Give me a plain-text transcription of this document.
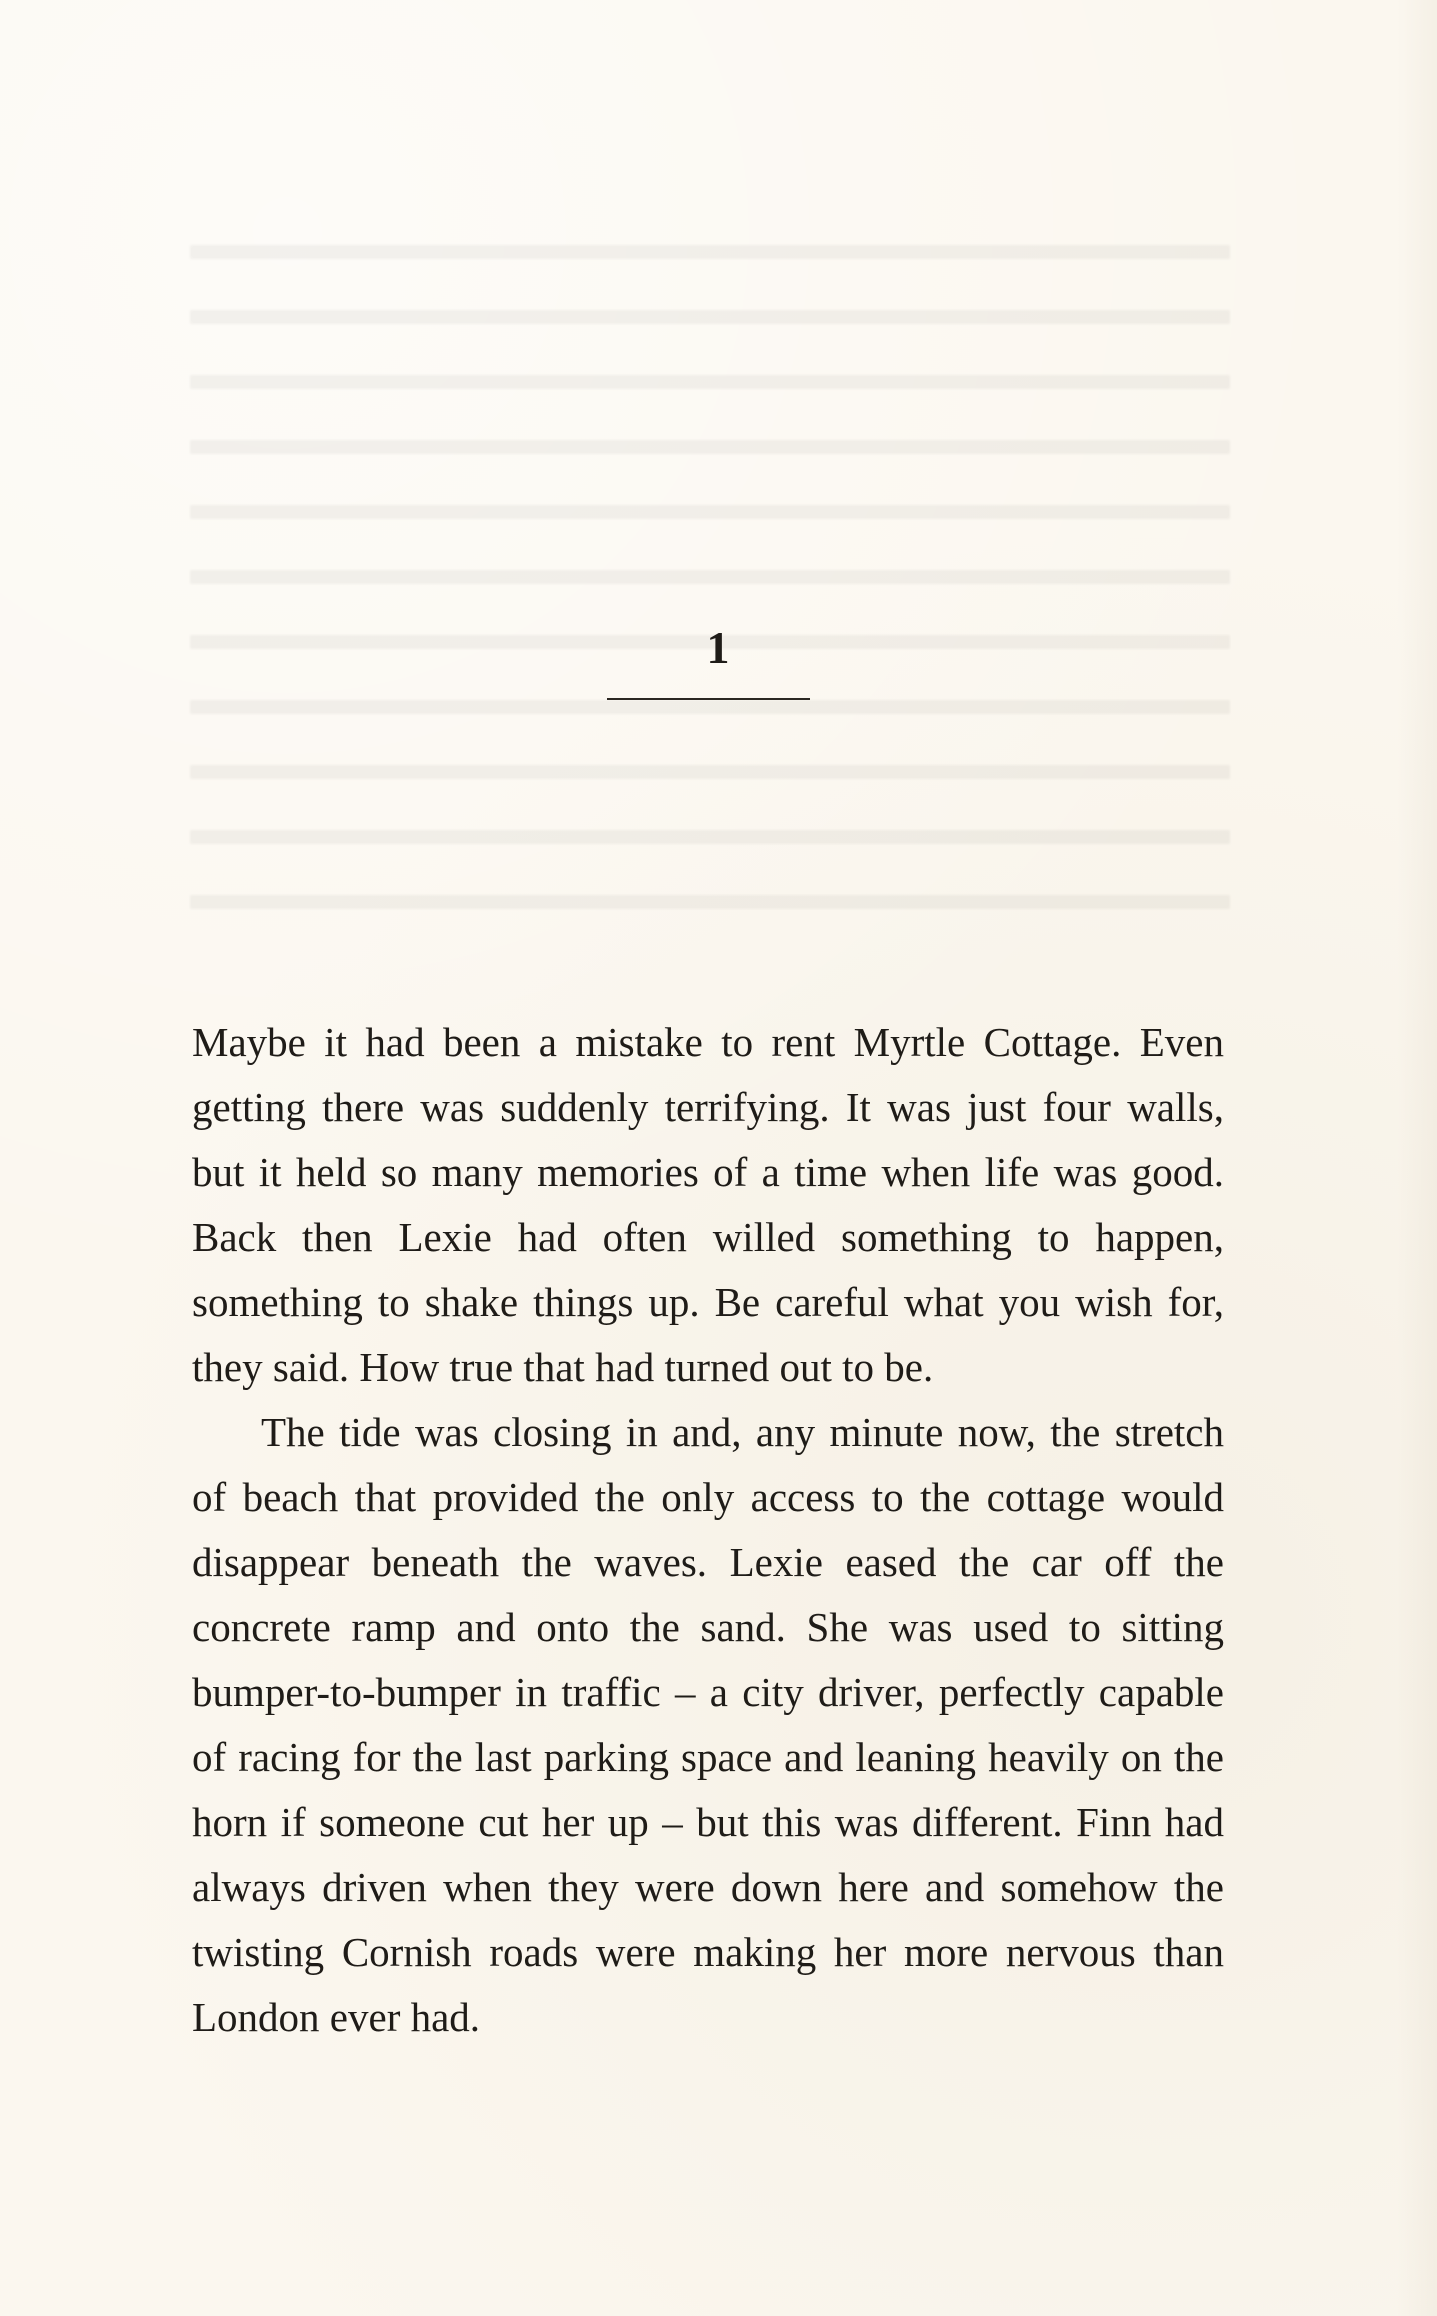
1

Maybe it had been a mistake to rent Myrtle Cottage. Even getting there was suddenly terrifying. It was just four walls, but it held so many memories of a time when life was good. Back then Lexie had often willed something to happen, something to shake things up. Be careful what you wish for, they said. How true that had turned out to be.

The tide was closing in and, any minute now, the stretch of beach that provided the only access to the cottage would disappear beneath the waves. Lexie eased the car off the concrete ramp and onto the sand. She was used to sitting bumper-to-bumper in traffic – a city driver, perfectly capable of racing for the last parking space and leaning heavily on the horn if someone cut her up – but this was different. Finn had always driven when they were down here and somehow the twisting Cornish roads were making her more nervous than London ever had.
